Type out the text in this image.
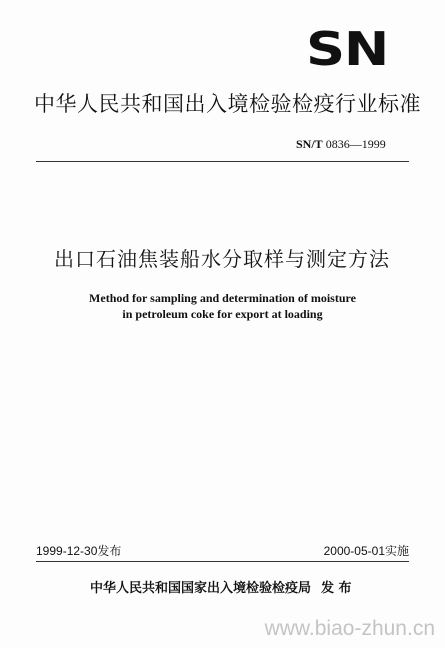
SN
中华人民共和国出入境检验检疫行业标准
SN/T 0836—1999
出口石油焦装船水分取样与测定方法
Method for sampling and determination of moisture
in petroleum coke for export at loading
1999-12-30发布	2000-05-01实施
中华人民共和国国家出入境检验检疫局 发 布
www.biao-zhun.cn
